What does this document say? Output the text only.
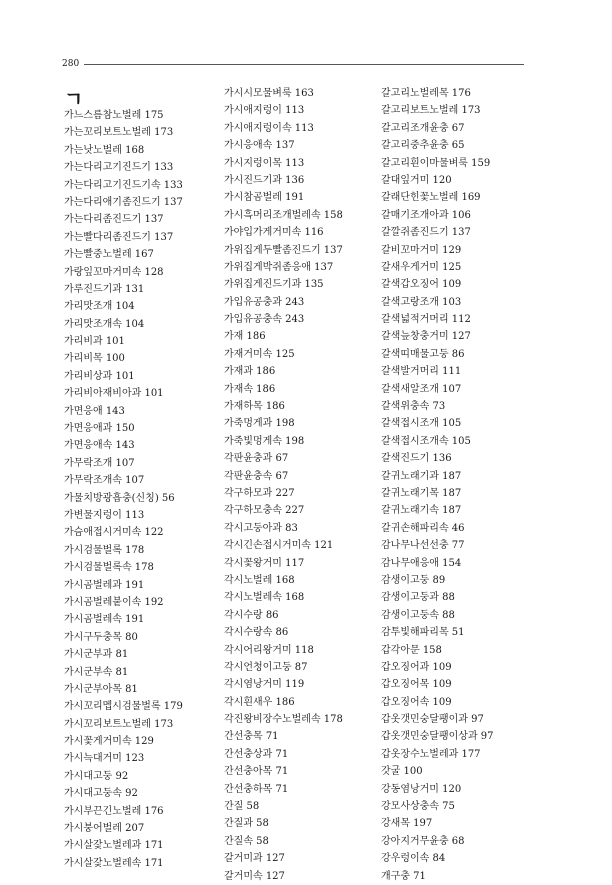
280
ㄱ
가느스름참노벌레 175
가는꼬리보트노벌레 173
가는낫노벌레 168
가는다리고기진드기 133
가는다리고기진드기속 133
가는다리애기좀진드기 137
가는다리좀진드기 137
가는빨다리좀진드기 137
가는빨중노벌레 167
가랑잎꼬마거미속 128
가루진드기과 131
가리맛조개 104
가리맛조개속 104
가리비과 101
가리비목 100
가리비상과 101
가리비아재비아과 101
가면응애 143
가면응애과 150
가면응애속 143
가무락조개 107
가무락조개속 107
가물치방광흡충(신칭) 56
가변물지렁이 113
가슴애접시거미속 122
가시검물벌록 178
가시검물벌록속 178
가시곰벌레과 191
가시곰벌레붙이속 192
가시곰벌레속 191
가시구두충목 80
가시군부과 81
가시군부속 81
가시군부아목 81
가시꼬리멥시검물벌록 179
가시꼬리보트노벌레 173
가시꽃게거미속 129
가시늑대거미 123
가시대고둥 92
가시대고둥속 92
가시부끈긴노벌레 176
가시붕어벌레 207
가시살갗노벌레과 171
가시살갗노벌레속 171
가시시모물벼룩 163
가시애지렁이 113
가시애지렁이속 113
가시응애속 137
가시지렁이목 113
가시진드기과 136
가시참곰벌레 191
가시흑머리조개벌레속 158
가야입가게거미속 116
가위집게두빨좀진드기 137
가위집게박쥐좀응애 137
가위집게진드기과 135
가입유공충과 243
가입유공충속 243
가재 186
가재거미속 125
가재과 186
가재속 186
가재하목 186
가죽멍게과 198
가죽빛멍게속 198
각판윤충과 67
각판윤충속 67
각구하모과 227
각구하모충속 227
각시고둥아과 83
각시긴손접시거미속 121
각시꽃왕거미 117
각시노벌레 168
각시노벌레속 168
각시수랑 86
각시수랑속 86
각시어리왕거미 118
각시언청이고둥 87
각시염낭거미 119
각시흰새우 186
각진왕비장수노벌레속 178
간선충목 71
간선충상과 71
간선충아목 71
간선충하목 71
간질 58
간질과 58
간질속 58
갈거미과 127
갈거미속 127
갈고리노벌레목 176
갈고리보트노벌레 173
갈고리조개윤충 67
갈고리중추윤충 65
갈고리흰이마물벼룩 159
갈대잎거미 120
갈래단힌꽃노벌레 169
갈매기조개아과 106
갈깔쥐좀진드기 137
갈비꼬마거미 129
갈새우게거미 125
갈색갑오징어 109
갈색고랑조개 103
갈색넓적거머리 112
갈색늪창충거미 127
갈색띠매물고둥 86
갈색발거머리 111
갈색새알조개 107
갈색위충속 73
갈색접시조개 105
갈색접시조개속 105
갈색진드기 136
갈귀노래기과 187
갈귀노래기목 187
갈귀노래기속 187
갈귀손해파리속 46
감나무나선선충 77
감나무애응애 154
감생이고둥 89
감생이고둥과 88
감생이고둥속 88
감투빛해파리목 51
갑각아문 158
갑오징어과 109
갑오징어목 109
갑오징어속 109
갑옷갯민숭달팽이과 97
갑옷갯민숭달팽이상과 97
갑옷장수노벌레과 177
갓굴 100
강동염낭거미 120
강모사상충속 75
강새목 197
강아지거무윤충 68
강우렁이속 84
개구충 71
